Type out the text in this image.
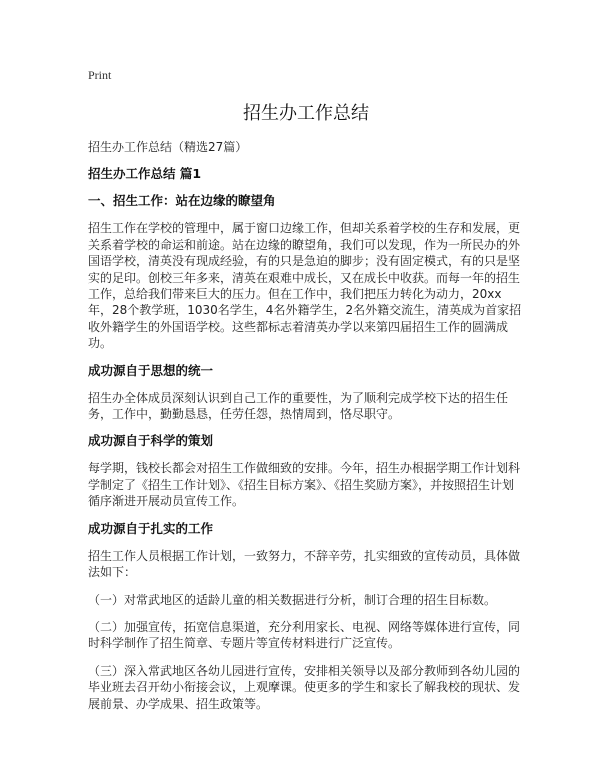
Print
招生办工作总结

招生办工作总结（精选27篇）

招生办工作总结 篇1
一、招生工作：站在边缘的瞭望角

招生工作在学校的管理中，属于窗口边缘工作，但却关系着学校的生存和发展，更关系着学校的命运和前途。站在边缘的瞭望角，我们可以发现，作为一所民办的外国语学校，清英没有现成经验，有的只是急迫的脚步；没有固定模式，有的只是坚实的足印。创校三年多来，清英在艰难中成长，又在成长中收获。而每一年的招生工作，总给我们带来巨大的压力。但在工作中，我们把压力转化为动力，20xx年，28个教学班，1030名学生，4名外籍学生，2名外籍交流生，清英成为首家招收外籍学生的外国语学校。这些都标志着清英办学以来第四届招生工作的圆满成功。

成功源自于思想的统一

招生办全体成员深刻认识到自己工作的重要性，为了顺利完成学校下达的招生任务，工作中，勤勤恳恳，任劳任怨，热情周到，恪尽职守。

成功源自于科学的策划

每学期，钱校长都会对招生工作做细致的安排。今年，招生办根据学期工作计划科学制定了《招生工作计划》、《招生目标方案》、《招生奖励方案》，并按照招生计划循序渐进开展动员宣传工作。

成功源自于扎实的工作

招生工作人员根据工作计划，一致努力，不辞辛劳，扎实细致的宣传动员，具体做法如下：

（一）对常武地区的适龄儿童的相关数据进行分析，制订合理的招生目标数。

（二）加强宣传，拓宽信息渠道，充分利用家长、电视、网络等媒体进行宣传，同时科学制作了招生简章、专题片等宣传材料进行广泛宣传。

（三）深入常武地区各幼儿园进行宣传，安排相关领导以及部分教师到各幼儿园的毕业班去召开幼小衔接会议，上观摩课。使更多的学生和家长了解我校的现状、发展前景、办学成果、招生政策等。
